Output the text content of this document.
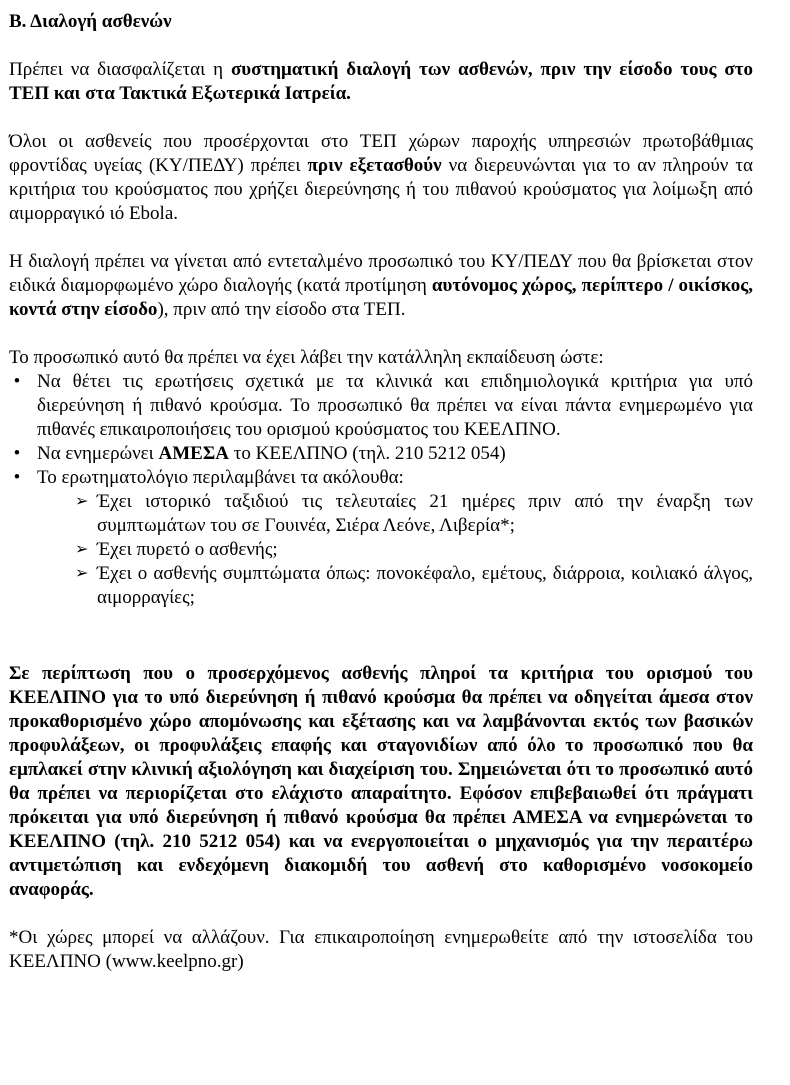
Β. Διαλογή ασθενών

Πρέπει να διασφαλίζεται η συστηματική διαλογή των ασθενών, πριν την είσοδο τους στο ΤΕΠ και στα Τακτικά Εξωτερικά Ιατρεία.

Όλοι οι ασθενείς που προσέρχονται στο ΤΕΠ χώρων παροχής υπηρεσιών πρωτοβάθμιας φροντίδας υγείας (ΚΥ/ΠΕΔΥ) πρέπει πριν εξετασθούν να διερευνώνται για το αν πληρούν τα κριτήρια του κρούσματος που χρήζει διερεύνησης ή του πιθανού κρούσματος για λοίμωξη από αιμορραγικό ιό Ebola.

Η διαλογή πρέπει να γίνεται από εντεταλμένο προσωπικό του ΚΥ/ΠΕΔΥ που θα βρίσκεται στον ειδικά διαμορφωμένο χώρο διαλογής (κατά προτίμηση αυτόνομος χώρος, περίπτερο / οικίσκος, κοντά στην είσοδο), πριν από την είσοδο στα ΤΕΠ.

Το προσωπικό αυτό θα πρέπει να έχει λάβει την κατάλληλη εκπαίδευση ώστε:

• Να θέτει τις ερωτήσεις σχετικά με τα κλινικά και επιδημιολογικά κριτήρια για υπό διερεύνηση ή πιθανό κρούσμα. Το προσωπικό θα πρέπει να είναι πάντα ενημερωμένο για πιθανές επικαιροποιήσεις του ορισμού κρούσματος του ΚΕΕΛΠΝΟ.
• Να ενημερώνει ΑΜΕΣΑ το ΚΕΕΛΠΝΟ (τηλ. 210 5212 054)
• Το ερωτηματολόγιο περιλαμβάνει τα ακόλουθα:
➢ Έχει ιστορικό ταξιδιού τις τελευταίες 21 ημέρες πριν από την έναρξη των συμπτωμάτων του σε Γουινέα, Σιέρα Λεόνε, Λιβερία*;
➢ Έχει πυρετό ο ασθενής;
➢ Έχει ο ασθενής συμπτώματα όπως: πονοκέφαλο, εμέτους, διάρροια, κοιλιακό άλγος, αιμορραγίες;

Σε περίπτωση που ο προσερχόμενος ασθενής πληροί τα κριτήρια του ορισμού του ΚΕΕΛΠΝΟ για το υπό διερεύνηση ή πιθανό κρούσμα θα πρέπει να οδηγείται άμεσα στον προκαθορισμένο χώρο απομόνωσης και εξέτασης και να λαμβάνονται εκτός των βασικών προφυλάξεων, οι προφυλάξεις επαφής και σταγονιδίων από όλο το προσωπικό που θα εμπλακεί στην κλινική αξιολόγηση και διαχείριση του. Σημειώνεται ότι το προσωπικό αυτό θα πρέπει να περιορίζεται στο ελάχιστο απαραίτητο. Εφόσον επιβεβαιωθεί ότι πράγματι πρόκειται για υπό διερεύνηση ή πιθανό κρούσμα θα πρέπει ΑΜΕΣΑ να ενημερώνεται το ΚΕΕΛΠΝΟ (τηλ. 210 5212 054) και να ενεργοποιείται ο μηχανισμός για την περαιτέρω αντιμετώπιση και ενδεχόμενη διακομιδή του ασθενή στο καθορισμένο νοσοκομείο αναφοράς.

*Οι χώρες μπορεί να αλλάζουν. Για επικαιροποίηση ενημερωθείτε από την ιστοσελίδα του ΚΕΕΛΠΝΟ (www.keelpno.gr)
